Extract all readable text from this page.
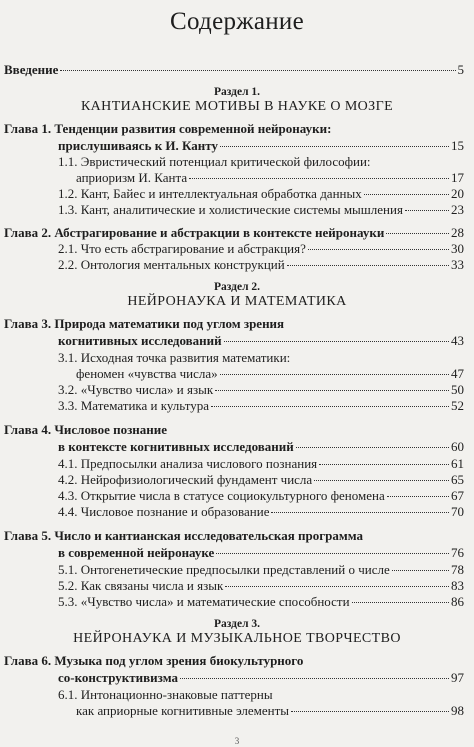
Содержание
Введение	5
Раздел 1.
КАНТИАНСКИЕ МОТИВЫ В НАУКЕ О МОЗГЕ
Глава 1. Тенденции развития современной нейронауки:
прислушиваясь к И. Канту	15
1.1. Эвристический потенциал критической философии:
априоризм И. Канта	17
1.2. Кант, Байес и интеллектуальная обработка данных	20
1.3. Кант, аналитические и холистические системы мышления	23
Глава 2. Абстрагирование и абстракции в контексте нейронауки	28
2.1. Что есть абстрагирование и абстракция?	30
2.2. Онтология ментальных конструкций	33
Раздел 2.
НЕЙРОНАУКА И МАТЕМАТИКА
Глава 3. Природа математики под углом зрения
когнитивных исследований	43
3.1. Исходная точка развития математики:
феномен «чувства числа»	47
3.2. «Чувство числа» и язык	50
3.3. Математика и культура	52
Глава 4. Числовое познание
в контексте когнитивных исследований	60
4.1. Предпосылки анализа числового познания	61
4.2. Нейрофизиологический фундамент числа	65
4.3. Открытие числа в статусе социокультурного феномена	67
4.4. Числовое познание и образование	70
Глава 5. Число и кантианская исследовательская программа
в современной нейронауке	76
5.1. Онтогенетические предпосылки представлений о числе	78
5.2. Как связаны числа и язык	83
5.3. «Чувство числа» и математические способности	86
Раздел 3.
НЕЙРОНАУКА И МУЗЫКАЛЬНОЕ ТВОРЧЕСТВО
Глава 6. Музыка под углом зрения биокультурного
со-конструктивизма	97
6.1. Интонационно-знаковые паттерны
как априорные когнитивные элементы	98
3
